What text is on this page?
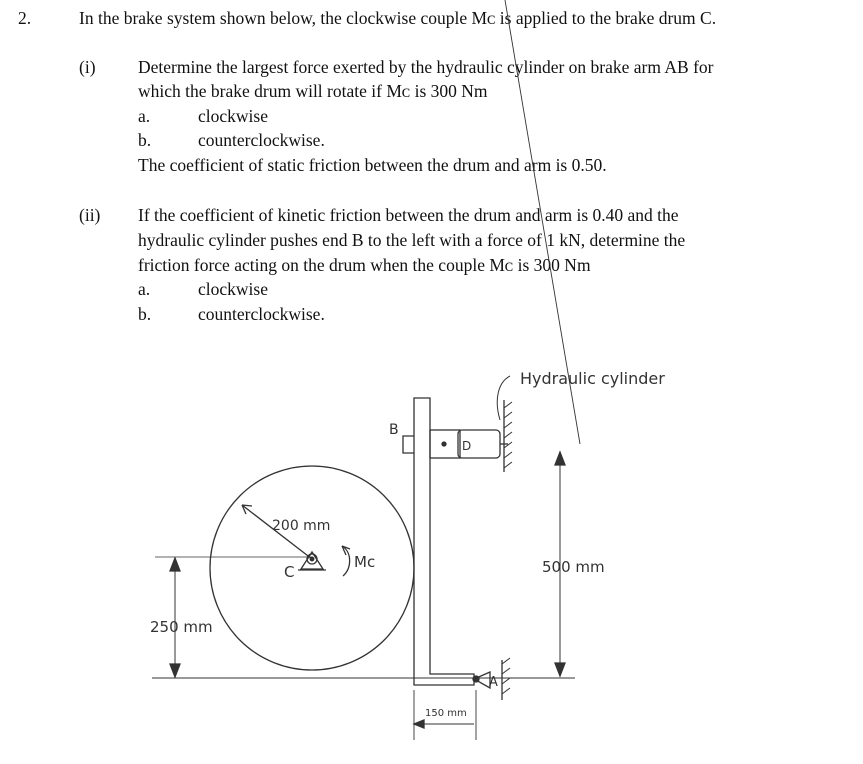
2.	In the brake system shown below, the clockwise couple Mᴄ is applied to the brake drum C.
(i) Determine the largest force exerted by the hydraulic cylinder on brake arm AB for
which the brake drum will rotate if Mᴄ is 300 Nm
a.	clockwise
b.	counterclockwise.
The coefficient of static friction between the drum and arm is 0.50.
(ii) If the coefficient of kinetic friction between the drum and arm is 0.40 and the
hydraulic cylinder pushes end B to the left with a force of 1 kN, determine the
friction force acting on the drum when the couple Mᴄ is 300 Nm
a.	clockwise
b.	counterclockwise.
Hydraulic cylinder
B
D
C
A
Mc
200 mm
500 mm
250 mm
150 mm
